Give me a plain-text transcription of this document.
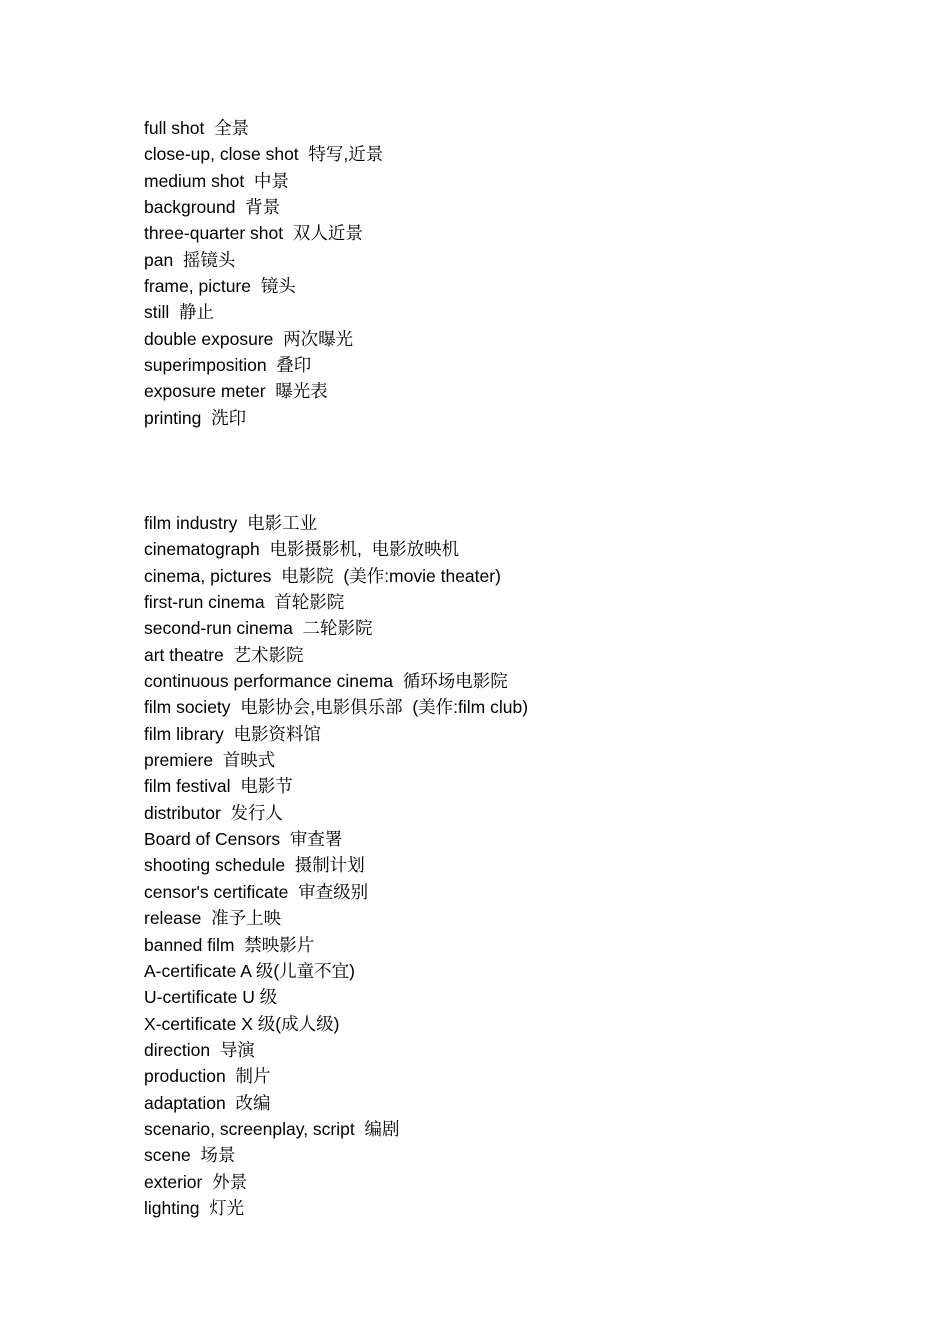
full shot  全景
close-up, close shot  特写,近景
medium shot  中景
background  背景
three-quarter shot  双人近景
pan  摇镜头
frame, picture  镜头
still  静止
double exposure  两次曝光
superimposition  叠印
exposure meter  曝光表
printing  洗印
film industry  电影工业
cinematograph  电影摄影机,  电影放映机
cinema, pictures  电影院  (美作:movie theater)
first-run cinema  首轮影院
second-run cinema  二轮影院
art theatre  艺术影院
continuous performance cinema  循环场电影院
film society  电影协会,电影俱乐部  (美作:film club)
film library  电影资料馆
premiere  首映式
film festival  电影节
distributor  发行人
Board of Censors  审查署
shooting schedule  摄制计划
censor's certificate  审查级别
release  准予上映
banned film  禁映影片
A-certificate A 级(儿童不宜)
U-certificate U 级
X-certificate X 级(成人级)
direction  导演
production  制片
adaptation  改编
scenario, screenplay, script  编剧
scene  场景
exterior  外景
lighting  灯光
